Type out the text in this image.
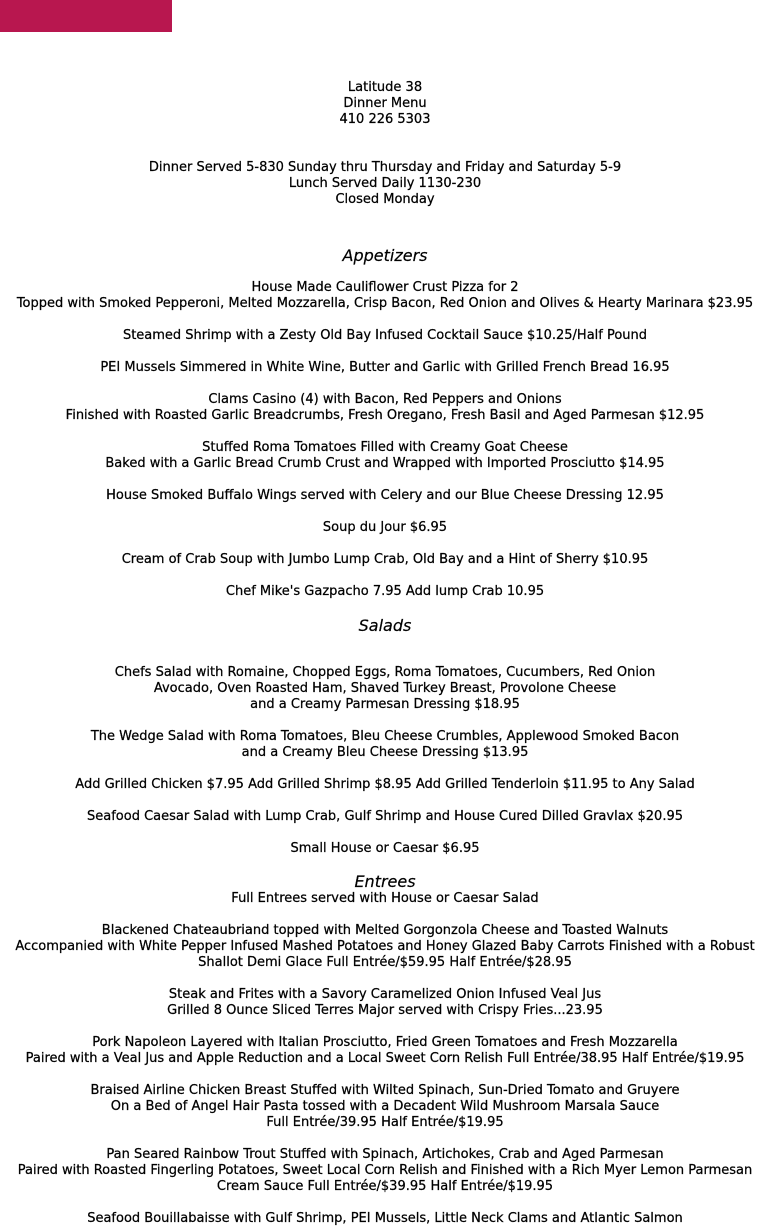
Latitude 38
Dinner Menu
410 226 5303
Dinner Served 5-830 Sunday thru Thursday and Friday and Saturday 5-9
Lunch Served Daily 1130-230
Closed Monday
Appetizers
House Made Cauliflower Crust Pizza for 2
Topped with Smoked Pepperoni, Melted Mozzarella, Crisp Bacon, Red Onion and Olives & Hearty Marinara $23.95
Steamed Shrimp with a Zesty Old Bay Infused Cocktail Sauce $10.25/Half Pound
PEI Mussels Simmered in White Wine, Butter and Garlic with Grilled French Bread 16.95
Clams Casino (4) with Bacon, Red Peppers and Onions
Finished with Roasted Garlic Breadcrumbs, Fresh Oregano, Fresh Basil and Aged Parmesan $12.95
Stuffed Roma Tomatoes Filled with Creamy Goat Cheese
Baked with a Garlic Bread Crumb Crust and Wrapped with Imported Prosciutto $14.95
House Smoked Buffalo Wings served with Celery and our Blue Cheese Dressing 12.95
Soup du Jour $6.95
Cream of Crab Soup with Jumbo Lump Crab, Old Bay and a Hint of Sherry $10.95
Chef Mike's Gazpacho 7.95 Add lump Crab 10.95
Salads
Chefs Salad with Romaine, Chopped Eggs, Roma Tomatoes, Cucumbers, Red Onion
Avocado, Oven Roasted Ham, Shaved Turkey Breast, Provolone Cheese
and a Creamy Parmesan Dressing $18.95
The Wedge Salad with Roma Tomatoes, Bleu Cheese Crumbles, Applewood Smoked Bacon
and a Creamy Bleu Cheese Dressing $13.95
Add Grilled Chicken $7.95 Add Grilled Shrimp $8.95 Add Grilled Tenderloin $11.95 to Any Salad
Seafood Caesar Salad with Lump Crab, Gulf Shrimp and House Cured Dilled Gravlax $20.95
Small House or Caesar $6.95
Entrees
Full Entrees served with House or Caesar Salad
Blackened Chateaubriand topped with Melted Gorgonzola Cheese and Toasted Walnuts
Accompanied with White Pepper Infused Mashed Potatoes and Honey Glazed Baby Carrots Finished with a Robust
Shallot Demi Glace Full Entrée/$59.95 Half Entrée/$28.95
Steak and Frites with a Savory Caramelized Onion Infused Veal Jus
Grilled 8 Ounce Sliced Terres Major served with Crispy Fries...23.95
Pork Napoleon Layered with Italian Prosciutto, Fried Green Tomatoes and Fresh Mozzarella
Paired with a Veal Jus and Apple Reduction and a Local Sweet Corn Relish Full Entrée/38.95 Half Entrée/$19.95
Braised Airline Chicken Breast Stuffed with Wilted Spinach, Sun-Dried Tomato and Gruyere
On a Bed of Angel Hair Pasta tossed with a Decadent Wild Mushroom Marsala Sauce
Full Entrée/39.95 Half Entrée/$19.95
Pan Seared Rainbow Trout Stuffed with Spinach, Artichokes, Crab and Aged Parmesan
Paired with Roasted Fingerling Potatoes, Sweet Local Corn Relish and Finished with a Rich Myer Lemon Parmesan
Cream Sauce Full Entrée/$39.95 Half Entrée/$19.95
Seafood Bouillabaisse with Gulf Shrimp, PEI Mussels, Little Neck Clams and Atlantic Salmon
